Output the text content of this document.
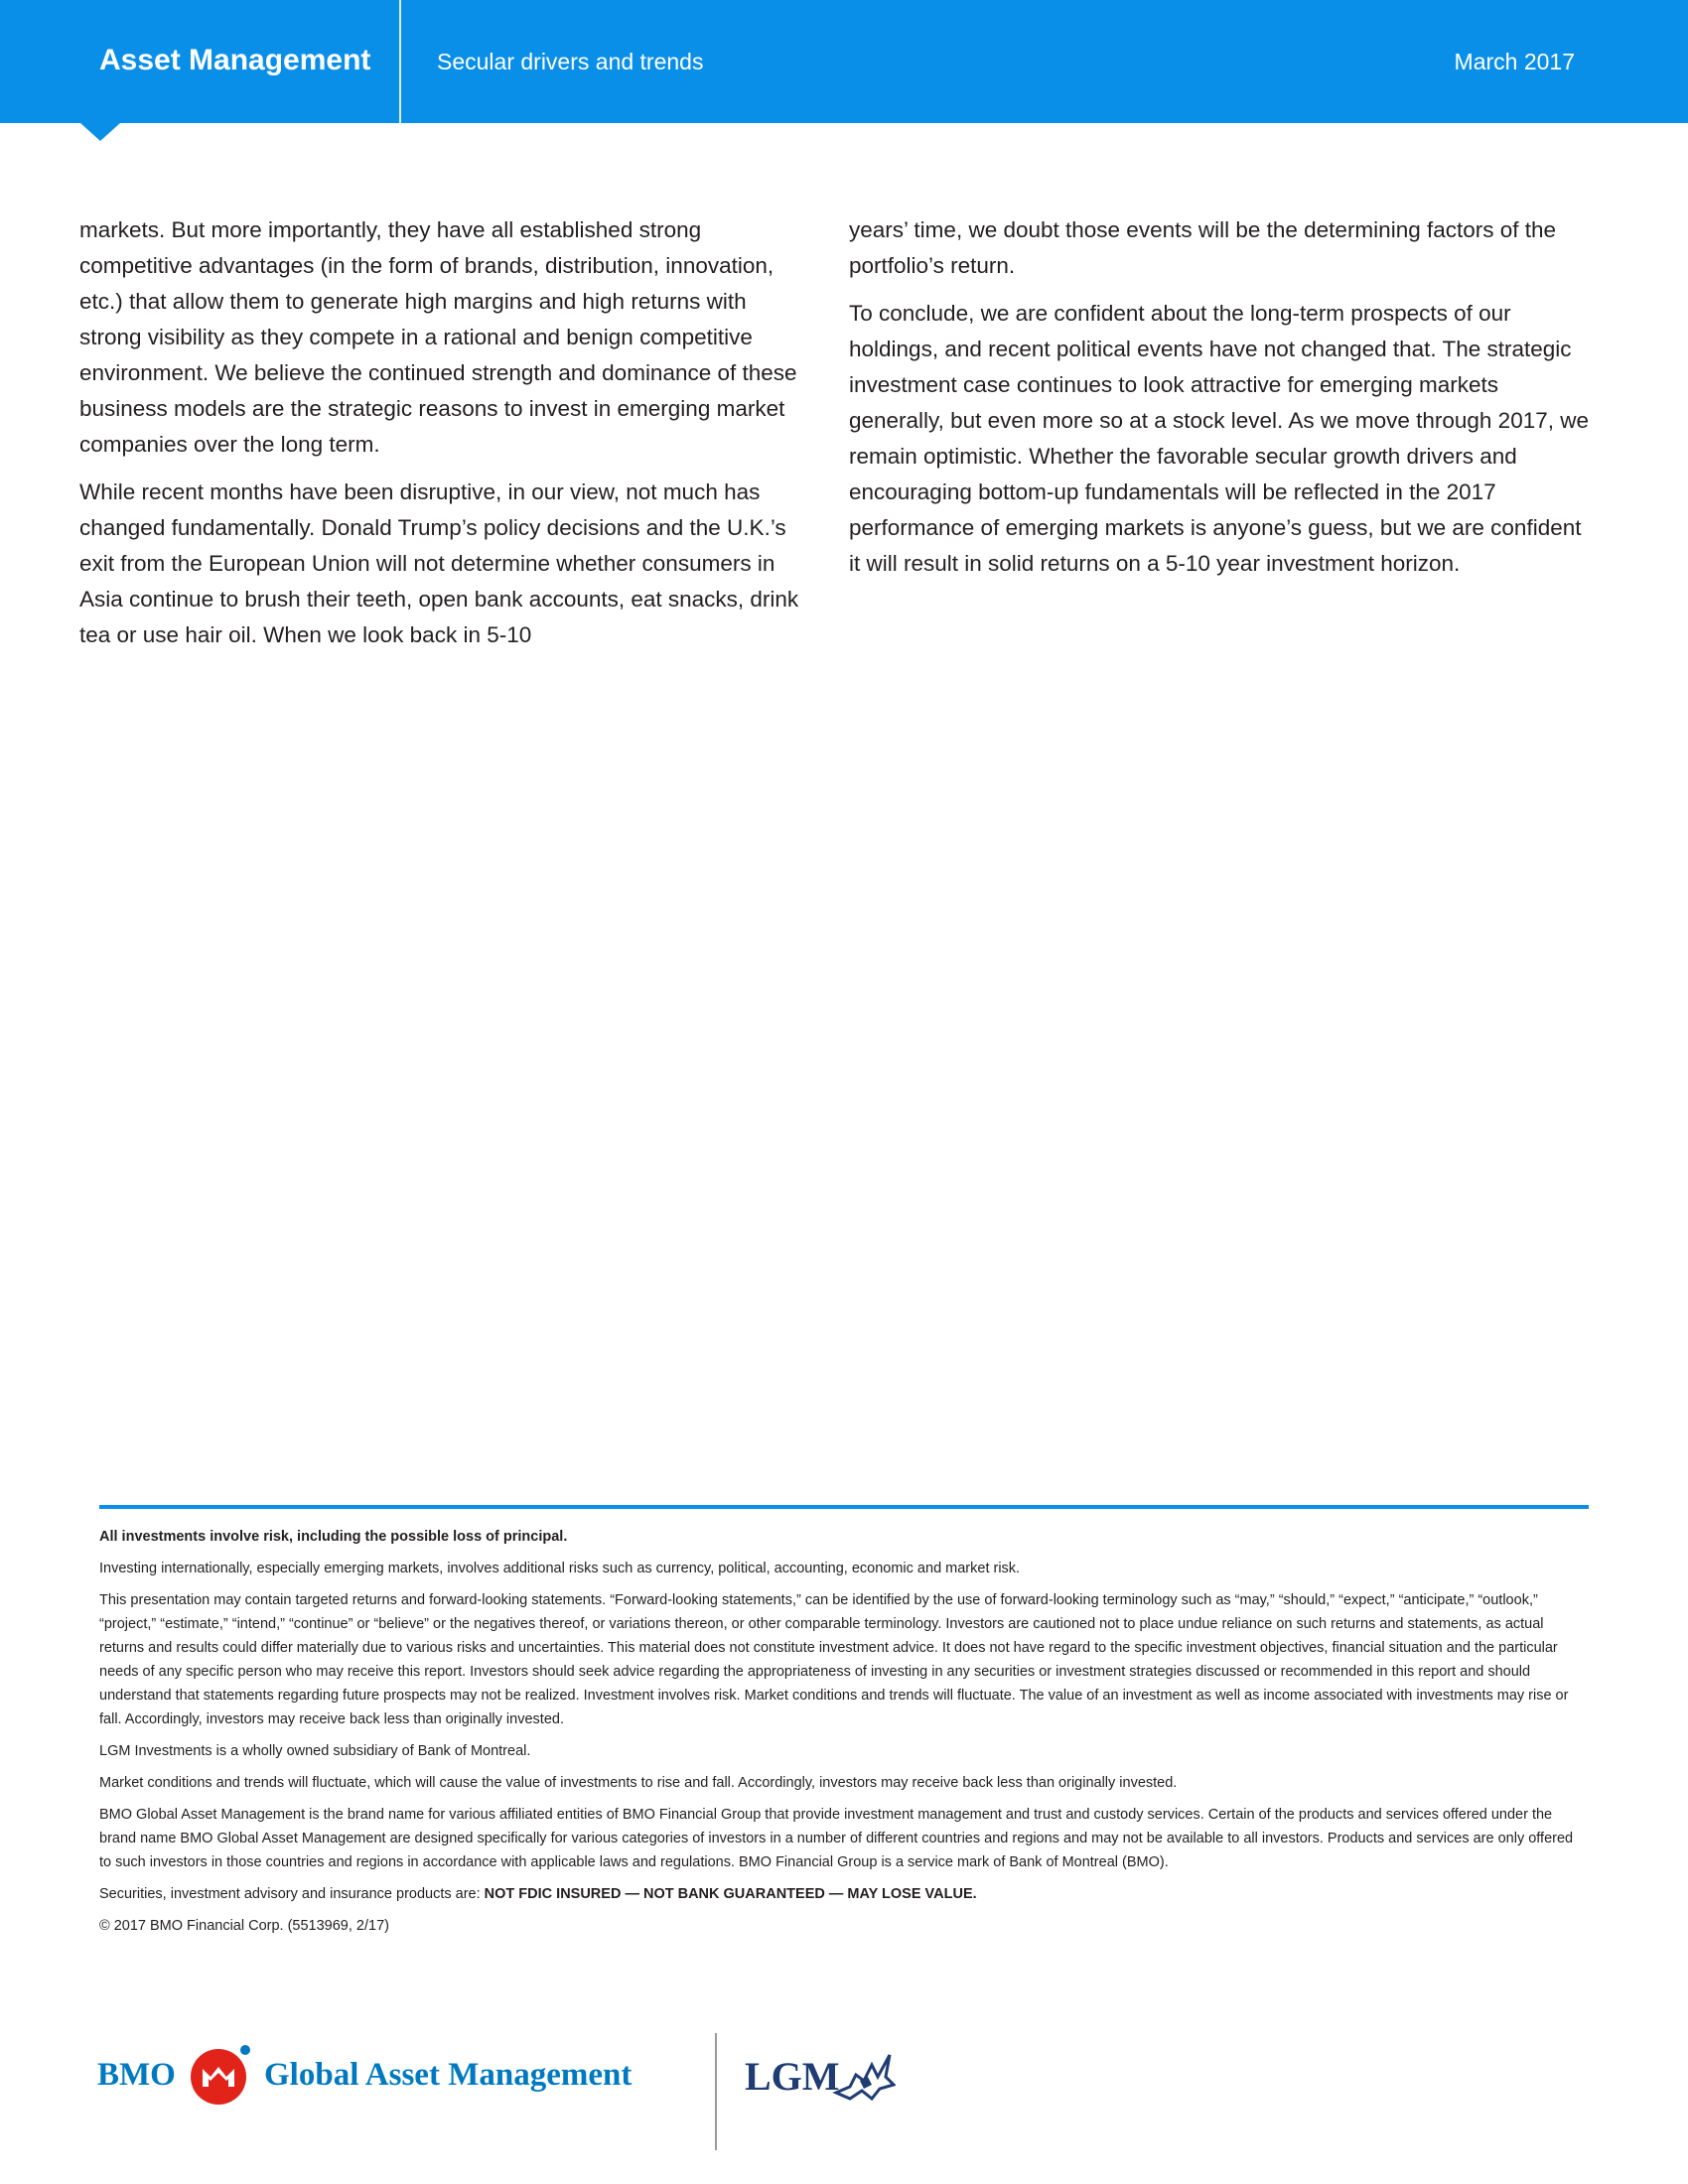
Asset Management	Secular drivers and trends	March 2017

markets. But more importantly, they have all established strong competitive advantages (in the form of brands, distribution, innovation, etc.) that allow them to generate high margins and high returns with strong visibility as they compete in a rational and benign competitive environment. We believe the continued strength and dominance of these business models are the strategic reasons to invest in emerging market companies over the long term.

While recent months have been disruptive, in our view, not much has changed fundamentally. Donald Trump’s policy decisions and the U.K.’s exit from the European Union will not determine whether consumers in Asia continue to brush their teeth, open bank accounts, eat snacks, drink tea or use hair oil. When we look back in 5-10

years’ time, we doubt those events will be the determining factors of the portfolio’s return.

To conclude, we are confident about the long-term prospects of our holdings, and recent political events have not changed that. The strategic investment case continues to look attractive for emerging markets generally, but even more so at a stock level. As we move through 2017, we remain optimistic. Whether the favorable secular growth drivers and encouraging bottom-up fundamentals will be reflected in the 2017 performance of emerging markets is anyone’s guess, but we are confident it will result in solid returns on a 5-10 year investment horizon.

All investments involve risk, including the possible loss of principal.

Investing internationally, especially emerging markets, involves additional risks such as currency, political, accounting, economic and market risk.

This presentation may contain targeted returns and forward-looking statements. “Forward-looking statements,” can be identified by the use of forward-looking terminology such as “may,” “should,” “expect,” “anticipate,” “outlook,” “project,” “estimate,” “intend,” “continue” or “believe” or the negatives thereof, or variations thereon, or other comparable terminology. Investors are cautioned not to place undue reliance on such returns and statements, as actual returns and results could differ materially due to various risks and uncertainties. This material does not constitute investment advice. It does not have regard to the specific investment objectives, financial situation and the particular needs of any specific person who may receive this report. Investors should seek advice regarding the appropriateness of investing in any securities or investment strategies discussed or recommended in this report and should understand that statements regarding future prospects may not be realized. Investment involves risk. Market conditions and trends will fluctuate. The value of an investment as well as income associated with investments may rise or fall. Accordingly, investors may receive back less than originally invested.

LGM Investments is a wholly owned subsidiary of Bank of Montreal.

Market conditions and trends will fluctuate, which will cause the value of investments to rise and fall. Accordingly, investors may receive back less than originally invested.

BMO Global Asset Management is the brand name for various affiliated entities of BMO Financial Group that provide investment management and trust and custody services. Certain of the products and services offered under the brand name BMO Global Asset Management are designed specifically for various categories of investors in a number of different countries and regions and may not be available to all investors. Products and services are only offered to such investors in those countries and regions in accordance with applicable laws and regulations. BMO Financial Group is a service mark of Bank of Montreal (BMO).

Securities, investment advisory and insurance products are: NOT FDIC INSURED — NOT BANK GUARANTEED — MAY LOSE VALUE.

© 2017 BMO Financial Corp. (5513969, 2/17)

BMO	Global Asset Management	LGM
